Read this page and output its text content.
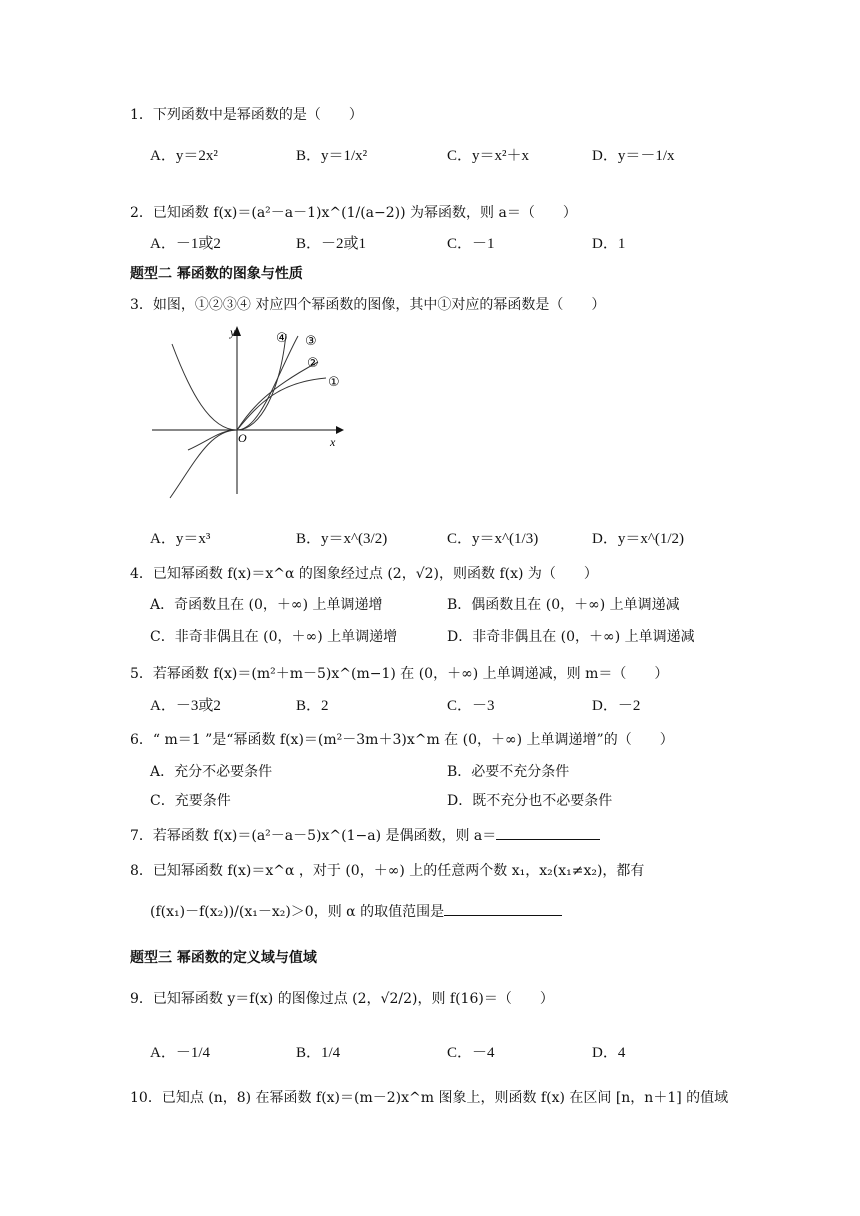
1．下列函数中是幂函数的是（　　）
A．y＝2x²	B．y＝1/x²	C．y＝x²＋x	D．y＝－1/x
2．已知函数 f(x)＝(a²－a－1)x^(1/(a−2)) 为幂函数，则 a＝（　　）
A．－1或2	B．－2或1	C．－1	D．1
题型二 幂函数的图象与性质
3．如图，①②③④ 对应四个幂函数的图像，其中①对应的幂函数是（　　）
y
x
O
④ ③
②
①
A．y＝x³	B．y＝x^(3/2)	C．y＝x^(1/3)	D．y＝x^(1/2)
4．已知幂函数 f(x)＝x^α 的图象经过点 (2，√2)，则函数 f(x) 为（　　）
A．奇函数且在 (0，＋∞) 上单调递增	B．偶函数且在 (0，＋∞) 上单调递减
C．非奇非偶且在 (0，＋∞) 上单调递增	D．非奇非偶且在 (0，＋∞) 上单调递减
5．若幂函数 f(x)＝(m²＋m－5)x^(m−1) 在 (0，＋∞) 上单调递减，则 m＝（　　）
A．－3或2	B．2	C．－3	D．－2
6．“ m＝1 ”是“幂函数 f(x)＝(m²－3m＋3)x^m 在 (0，＋∞) 上单调递增”的（　　）
A．充分不必要条件	B．必要不充分条件
C．充要条件	D．既不充分也不必要条件
7．若幂函数 f(x)＝(a²－a－5)x^(1−a) 是偶函数，则 a＝
8．已知幂函数 f(x)＝x^α ，对于 (0，＋∞) 上的任意两个数 x₁，x₂(x₁≠x₂)，都有
(f(x₁)－f(x₂))/(x₁－x₂)＞0，则 α 的取值范围是
题型三 幂函数的定义域与值域
9．已知幂函数 y＝f(x) 的图像过点 (2，√2/2)，则 f(16)＝（　　）
A．－1/4	B．1/4	C．－4	D．4
10．已知点 (n，8) 在幂函数 f(x)＝(m－2)x^m 图象上，则函数 f(x) 在区间 [n，n＋1] 的值域
